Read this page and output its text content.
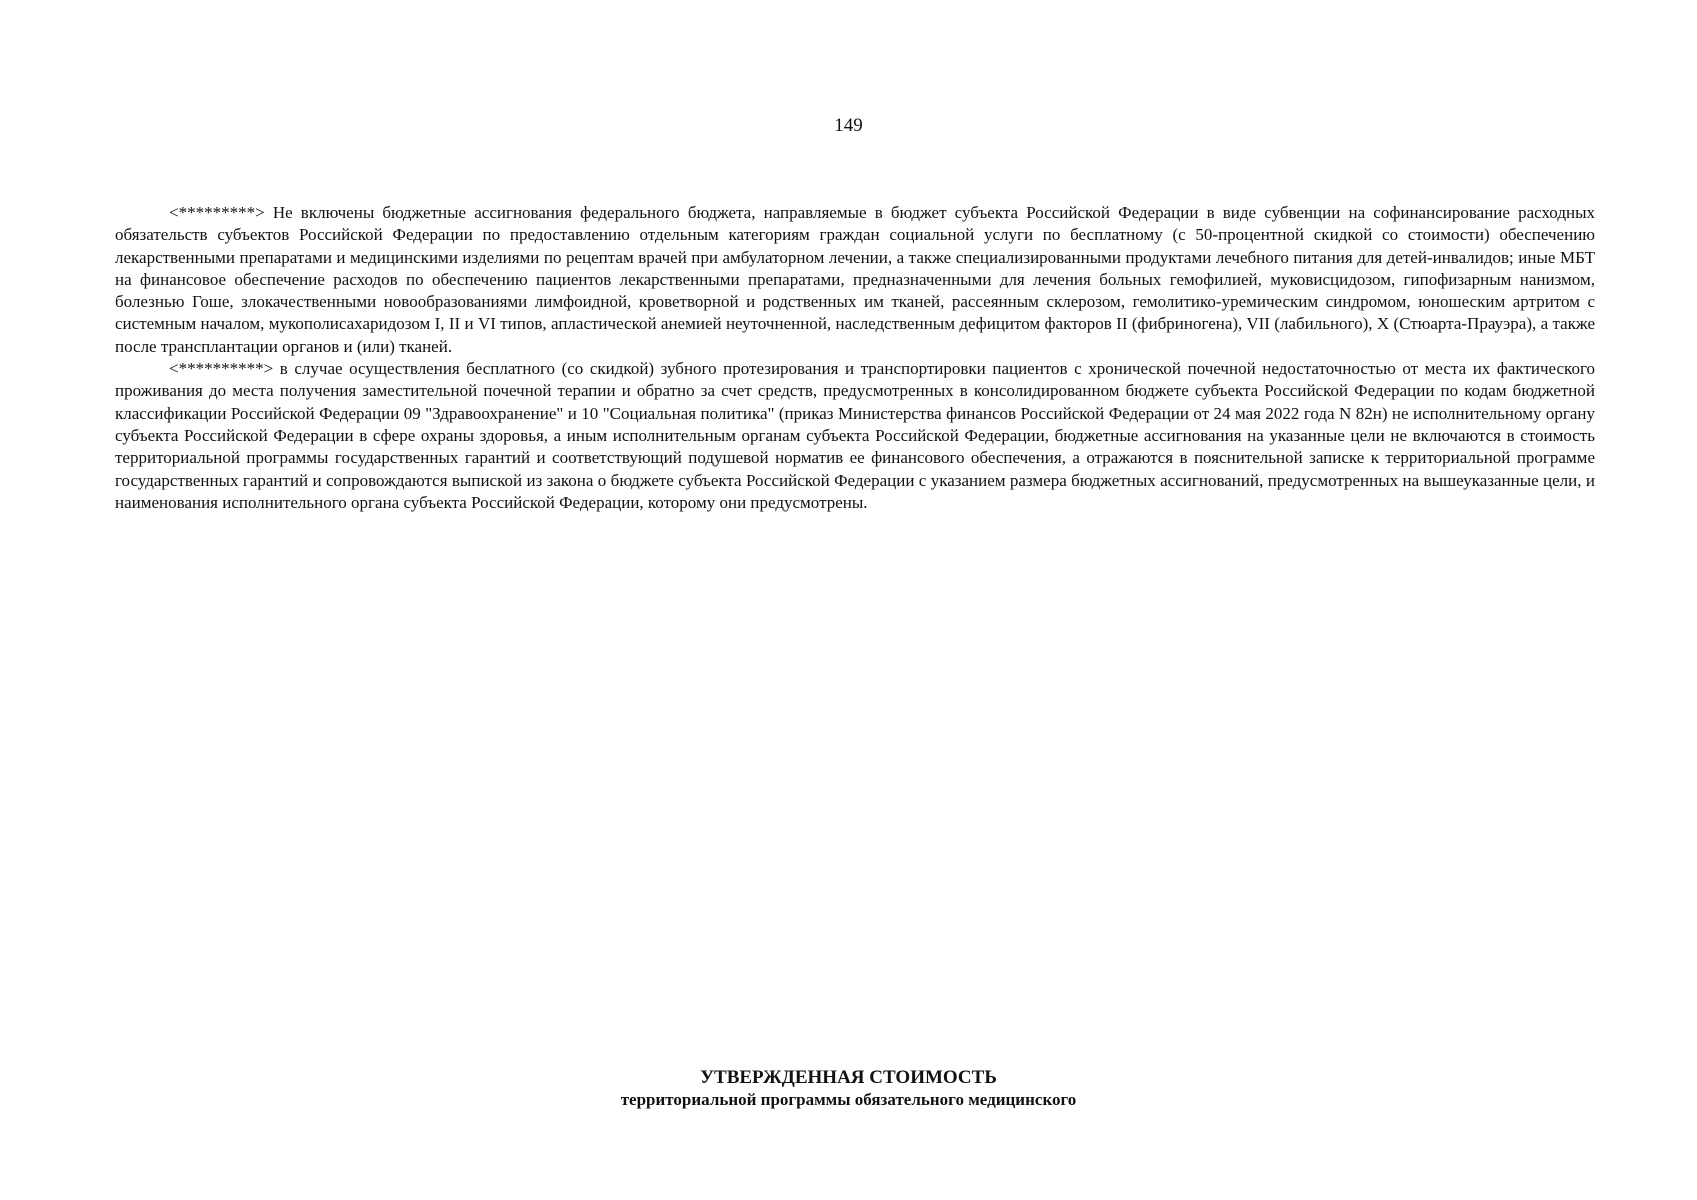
149

<*********> Не включены бюджетные ассигнования федерального бюджета, направляемые в бюджет субъекта Российской Федерации в виде субвенции на софинансирование расходных обязательств субъектов Российской Федерации по предоставлению отдельным категориям граждан социальной услуги по бесплатному (с 50-процентной скидкой со стоимости) обеспечению лекарственными препаратами и медицинскими изделиями по рецептам врачей при амбулаторном лечении, а также специализированными продуктами лечебного питания для детей-инвалидов; иные МБТ на финансовое обеспечение расходов по обеспечению пациентов лекарственными препаратами, предназначенными для лечения больных гемофилией, муковисцидозом, гипофизарным нанизмом, болезнью Гоше, злокачественными новообразованиями лимфоидной, кроветворной и родственных им тканей, рассеянным склерозом, гемолитико-уремическим синдромом, юношеским артритом с системным началом, мукополисахаридозом I, II и VI типов, апластической анемией неуточненной, наследственным дефицитом факторов II (фибриногена), VII (лабильного), X (Стюарта-Прауэра), а также после трансплантации органов и (или) тканей.

<**********> в случае осуществления бесплатного (со скидкой) зубного протезирования и транспортировки пациентов с хронической почечной недостаточностью от места их фактического проживания до места получения заместительной почечной терапии и обратно за счет средств, предусмотренных в консолидированном бюджете субъекта Российской Федерации по кодам бюджетной классификации Российской Федерации 09 "Здравоохранение" и 10 "Социальная политика" (приказ Министерства финансов Российской Федерации от 24 мая 2022 года N 82н) не исполнительному органу субъекта Российской Федерации в сфере охраны здоровья, а иным исполнительным органам субъекта Российской Федерации, бюджетные ассигнования на указанные цели не включаются в стоимость территориальной программы государственных гарантий и соответствующий подушевой норматив ее финансового обеспечения, а отражаются в пояснительной записке к территориальной программе государственных гарантий и сопровождаются выпиской из закона о бюджете субъекта Российской Федерации с указанием размера бюджетных ассигнований, предусмотренных на вышеуказанные цели, и наименования исполнительного органа субъекта Российской Федерации, которому они предусмотрены.

УТВЕРЖДЕННАЯ СТОИМОСТЬ
территориальной программы обязательного медицинского
